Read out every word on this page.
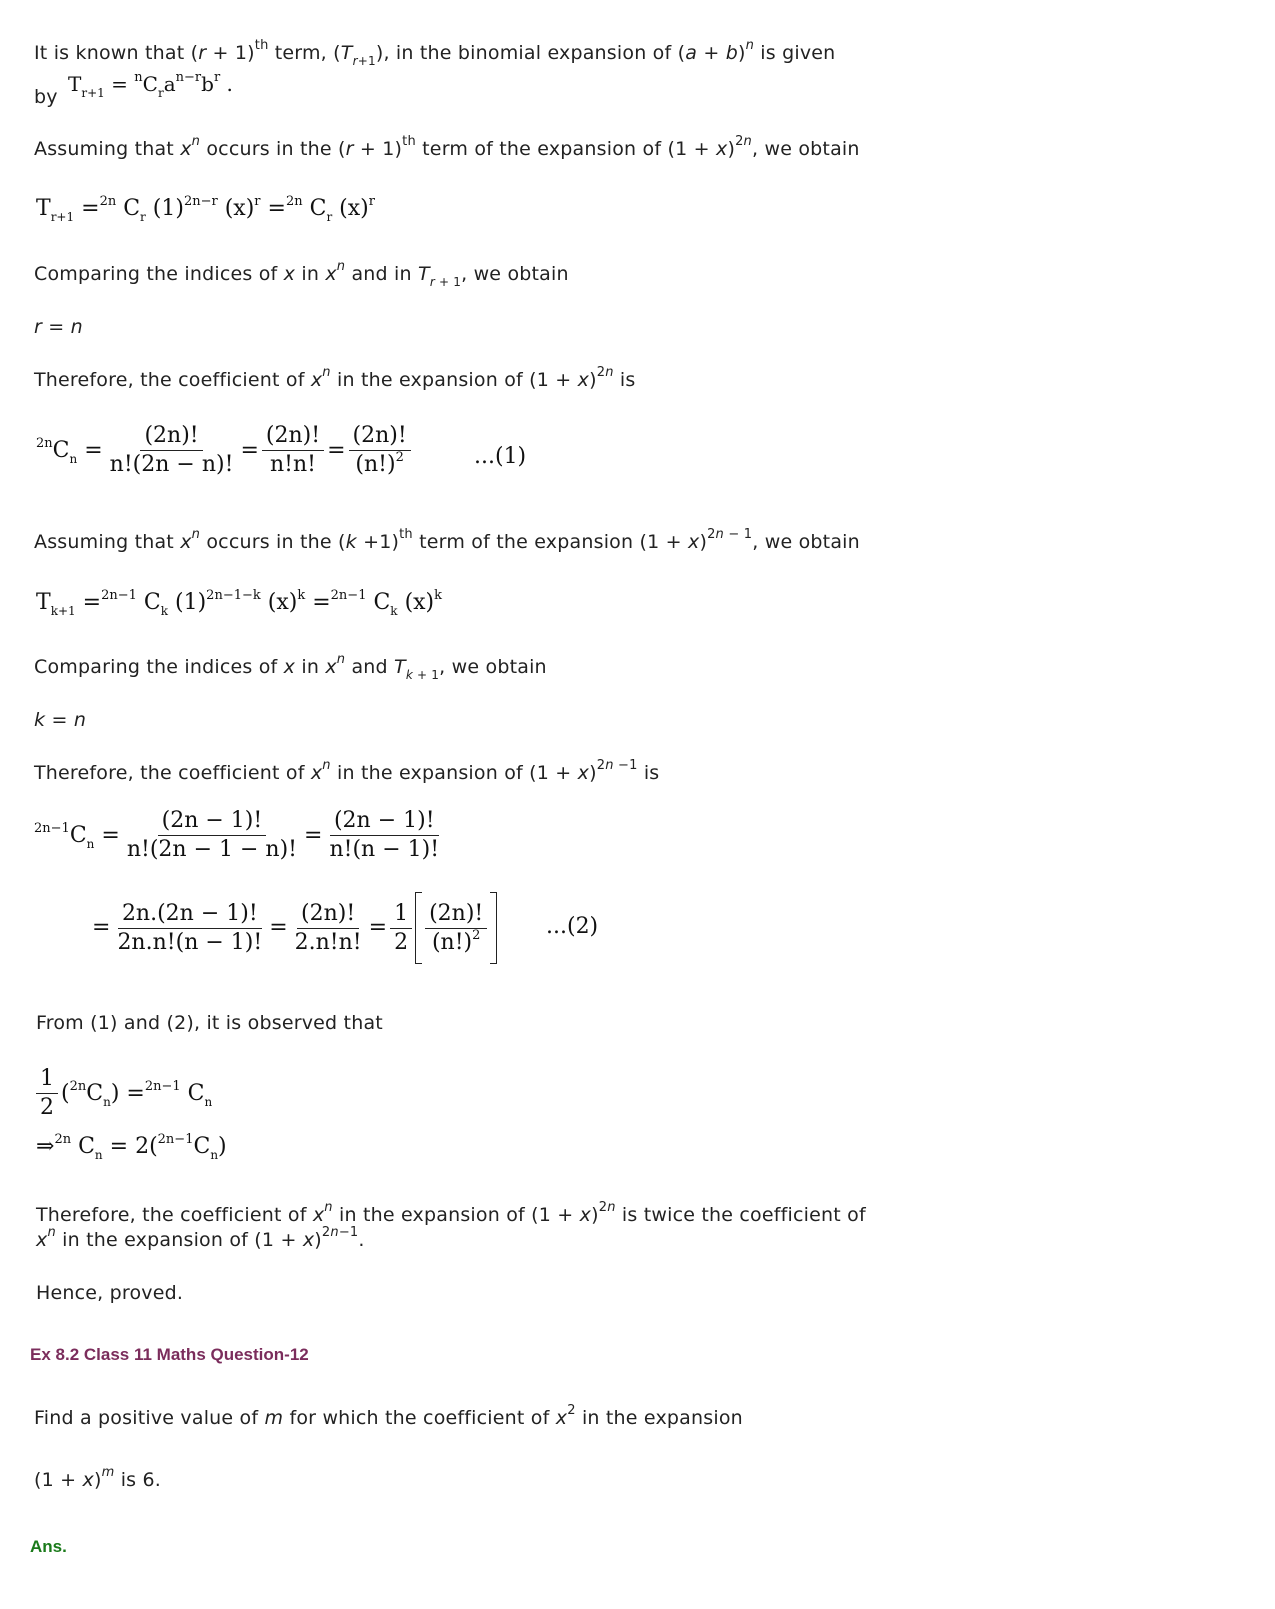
It is known that $(r + 1)^{th}$ term, $(T_{r+1})$, in the binomial expansion of $(a + b)^n$ is given
by
$T_{r+1} = ^nC_ra^{n-r}b^r$ .
Assuming that $x^n$ occurs in the $(r + 1)^{th}$ term of the expansion of $(1 + x)^{2n}$, we obtain
$T_{r+1} =^{2n}$ $C_r$ $(1)^{2n-r}$ $(x)^r =^{2n}$ $C_r$ $(x)^r$
Comparing the indices of x in $x^n$ and in $T_{r + 1}$, we obtain
r = n
Therefore, the coefficient of $x^n$ in the expansion of $(1 + x)^{2n}$ is
$^{2n}C_n = \frac{(2n)!}{n!(2n - n)!} = \frac{(2n)!}{n!n!} = \frac{(2n)!}{(n!)^2}$	...(1)
Assuming that $x^n$ occurs in the $(k +1)^{th}$ term of the expansion $(1 + x)^{2n - 1}$, we obtain
$T_{k+1} =^{2n-1}$ $C_k$ $(1)^{2n-1-k}$ $(x)^k =^{2n-1}$ $C_k$ $(x)^k$
Comparing the indices of x in $x^n$ and $T_{k + 1}$, we obtain
k = n
Therefore, the coefficient of $x^n$ in the expansion of $(1 + x)^{2n -1}$ is
$^{2n-1}C_n = \frac{(2n - 1)!}{n!(2n - 1 - n)!} = \frac{(2n - 1)!}{n!(n - 1)!}$
= $\frac{2n.(2n - 1)!}{2n.n!(n - 1)!} = \frac{(2n)!}{2.n!n!} = \frac{1}{2} \frac{(2n)!}{(n!)^2}$	...(2)
From (1) and (2), it is observed that
$\frac{1}{2} (^{2n}C_n) =^{2n-1}$ $C_n$
⇒$^{2n}$ $C_n = 2(^{2n-1}C_n)$
Therefore, the coefficient of $x^n$ in the expansion of $(1 + x)^{2n}$ is twice the coefficient of
$x^n$ in the expansion of $(1 + x)^{2n-1}$.
Hence, proved.
Ex 8.2 Class 11 Maths Question-12
Find a positive value of m for which the coefficient of $x^2$ in the expansion
$(1 + x)^m$ is 6.
Ans.
